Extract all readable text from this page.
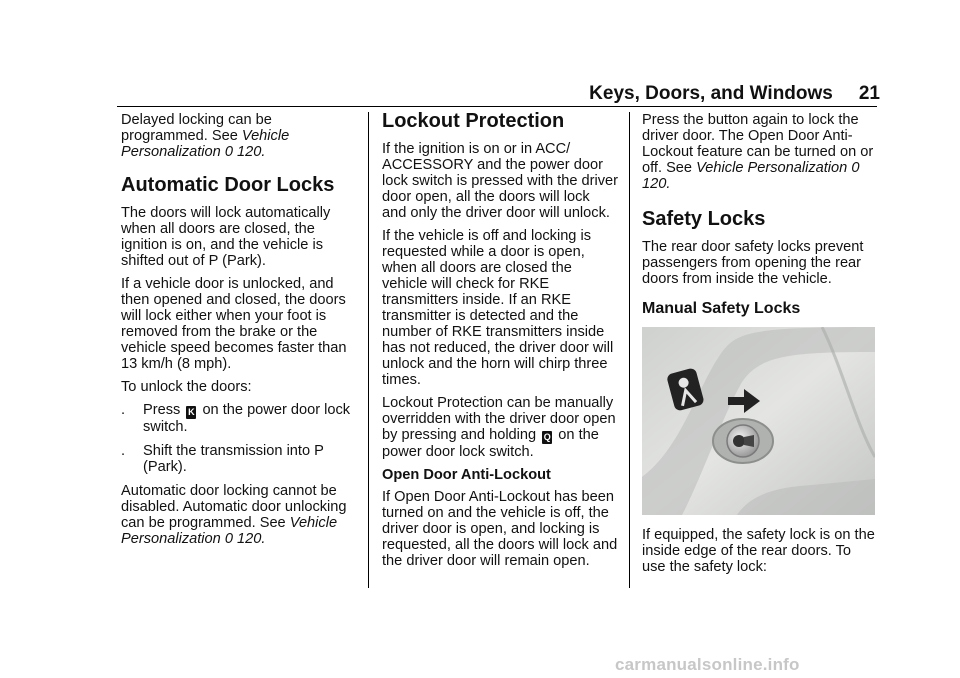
Keys, Doors, and Windows 21

Delayed locking can be programmed. See Vehicle Personalization 0 120.

Automatic Door Locks

The doors will lock automatically when all doors are closed, the ignition is on, and the vehicle is shifted out of P (Park).

If a vehicle door is unlocked, and then opened and closed, the doors will lock either when your foot is removed from the brake or the vehicle speed becomes faster than 13 km/h (8 mph).

To unlock the doors:

.	Press K on the power door lock switch.
.	Shift the transmission into P (Park).

Automatic door locking cannot be disabled. Automatic door unlocking can be programmed. See Vehicle Personalization 0 120.

Lockout Protection

If the ignition is on or in ACC/ ACCESSORY and the power door lock switch is pressed with the driver door open, all the doors will lock and only the driver door will unlock.

If the vehicle is off and locking is requested while a door is open, when all doors are closed the vehicle will check for RKE transmitters inside. If an RKE transmitter is detected and the number of RKE transmitters inside has not reduced, the driver door will unlock and the horn will chirp three times.

Lockout Protection can be manually overridden with the driver door open by pressing and holding Q on the power door lock switch.

Open Door Anti-Lockout

If Open Door Anti-Lockout has been turned on and the vehicle is off, the driver door is open, and locking is requested, all the doors will lock and the driver door will remain open.

Press the button again to lock the driver door. The Open Door Anti-Lockout feature can be turned on or off. See Vehicle Personalization 0 120.

Safety Locks

The rear door safety locks prevent passengers from opening the rear doors from inside the vehicle.

Manual Safety Locks

If equipped, the safety lock is on the inside edge of the rear doors. To use the safety lock:

carmanualsonline.info
